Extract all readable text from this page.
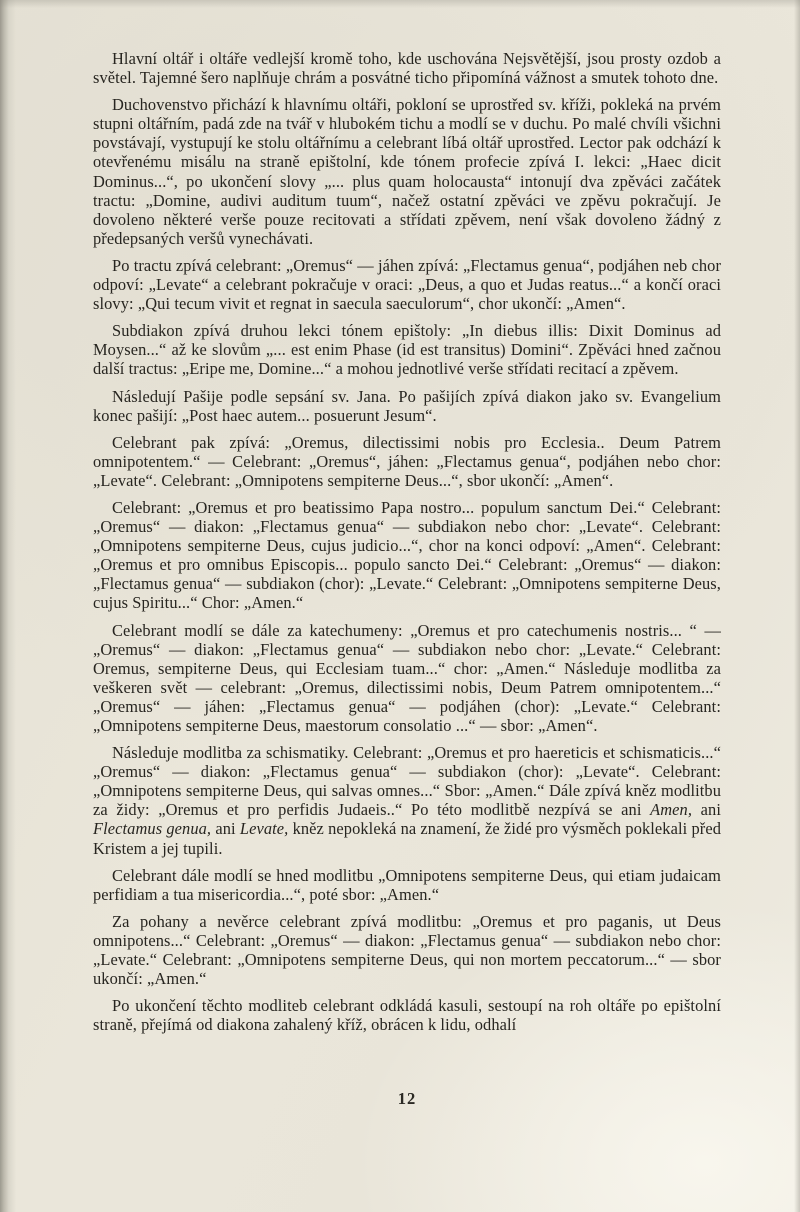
Hlavní oltář i oltáře vedlejší kromě toho, kde uschována Nejsvětější, jsou prosty ozdob a světel. Tajemné šero naplňuje chrám a posvátné ticho připomíná vážnost a smutek tohoto dne.

Duchovenstvo přichází k hlavnímu oltáři, pokloní se uprostřed sv. kříži, pokleká na prvém stupni oltářním, padá zde na tvář v hlubokém tichu a modlí se v duchu. Po malé chvíli všichni povstávají, vystupují ke stolu oltářnímu a celebrant líbá oltář uprostřed. Lector pak odchází k otevřenému misálu na straně epištolní, kde tónem profecie zpívá I. lekci: „Haec dicit Dominus...“, po ukončení slovy „... plus quam holocausta“ intonují dva zpěváci začátek tractu: „Domine, audivi auditum tuum“, načež ostatní zpěváci ve zpěvu pokračují. Je dovoleno některé verše pouze recitovati a střídati zpěvem, není však dovoleno žádný z předepsaných veršů vynechávati.

Po tractu zpívá celebrant: „Oremus“ — jáhen zpívá: „Flectamus genua“, podjáhen neb chor odpoví: „Levate“ a celebrant pokračuje v oraci: „Deus, a quo et Judas reatus...“ a končí oraci slovy: „Qui tecum vivit et regnat in saecula saeculorum“, chor ukončí: „Amen“.

Subdiakon zpívá druhou lekci tónem epištoly: „In diebus illis: Dixit Dominus ad Moysen...“ až ke slovům „... est enim Phase (id est transitus) Domini“. Zpěváci hned začnou další tractus: „Eripe me, Domine...“ a mohou jednotlivé verše střídati recitací a zpěvem.

Následují Pašije podle sepsání sv. Jana. Po pašijích zpívá diakon jako sv. Evangelium konec pašijí: „Post haec autem... posuerunt Jesum“.

Celebrant pak zpívá: „Oremus, dilectissimi nobis pro Ecclesia.. Deum Patrem omnipotentem.“ — Celebrant: „Oremus“, jáhen: „Flectamus genua“, podjáhen nebo chor: „Levate“. Celebrant: „Omnipotens sempiterne Deus...“, sbor ukončí: „Amen“.

Celebrant: „Oremus et pro beatissimo Papa nostro... populum sanctum Dei.“ Celebrant: „Oremus“ — diakon: „Flectamus genua“ — subdiakon nebo chor: „Levate“. Celebrant: „Omnipotens sempiterne Deus, cujus judicio...“, chor na konci odpoví: „Amen“. Celebrant: „Oremus et pro omnibus Episcopis... populo sancto Dei.“ Celebrant: „Oremus“ — diakon: „Flectamus genua“ — subdiakon (chor): „Levate.“ Celebrant: „Omnipotens sempiterne Deus, cujus Spiritu...“ Chor: „Amen.“

Celebrant modlí se dále za katechumeny: „Oremus et pro catechumenis nostris... “ — „Oremus“ — diakon: „Flectamus genua“ — subdiakon nebo chor: „Levate.“ Celebrant: Oremus, sempiterne Deus, qui Ecclesiam tuam...“ chor: „Amen.“ Následuje modlitba za veškeren svět — celebrant: „Oremus, dilectissimi nobis, Deum Patrem omnipotentem...“ „Oremus“ — jáhen: „Flectamus genua“ — podjáhen (chor): „Levate.“ Celebrant: „Omnipotens sempiterne Deus, maestorum consolatio ...“ — sbor: „Amen“.

Následuje modlitba za schismatiky. Celebrant: „Oremus et pro haereticis et schismaticis...“ „Oremus“ — diakon: „Flectamus genua“ — subdiakon (chor): „Levate“. Celebrant: „Omnipotens sempiterne Deus, qui salvas omnes...“ Sbor: „Amen.“ Dále zpívá kněz modlitbu za židy: „Oremus et pro perfidis Judaeis..“ Po této modlitbě nezpívá se ani Amen, ani Flectamus genua, ani Levate, kněz nepokleká na znamení, že židé pro výsměch poklekali před Kristem a jej tupili.

Celebrant dále modlí se hned modlitbu „Omnipotens sempiterne Deus, qui etiam judaicam perfidiam a tua misericordia...“, poté sbor: „Amen.“

Za pohany a nevěrce celebrant zpívá modlitbu: „Oremus et pro paganis, ut Deus omnipotens...“ Celebrant: „Oremus“ — diakon: „Flectamus genua“ — subdiakon nebo chor: „Levate.“ Celebrant: „Omnipotens sempiterne Deus, qui non mortem peccatorum...“ — sbor ukončí: „Amen.“

Po ukončení těchto modliteb celebrant odkládá kasuli, sestoupí na roh oltáře po epištolní straně, přejímá od diakona zahalený kříž, obrácen k lidu, odhalí

12
